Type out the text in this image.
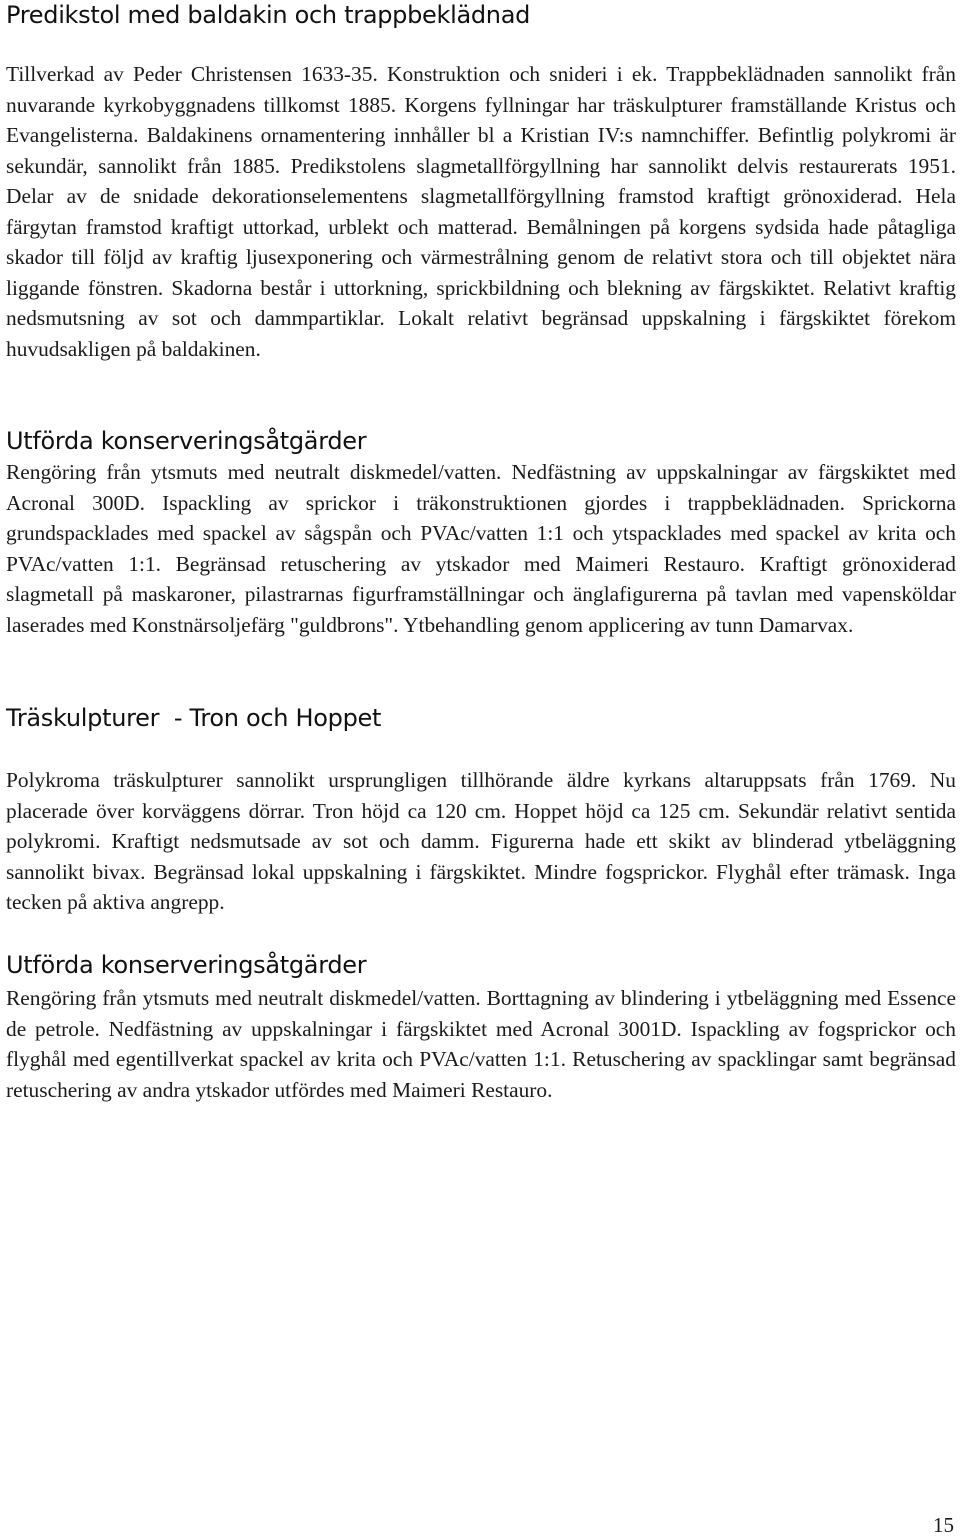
Predikstol med baldakin och trappbeklädnad

Tillverkad av Peder Christensen 1633-35. Konstruktion och snideri i ek. Trappbeklädnaden sannolikt från nuvarande kyrkobyggnadens tillkomst 1885. Korgens fyllningar har träskulpturer framställande Kristus och Evangelisterna. Baldakinens ornamentering innhåller bl a Kristian IV:s namnchiffer. Befintlig polykromi är sekundär, sannolikt från 1885. Predikstolens slagmetallförgyllning har sannolikt delvis restaurerats 1951. Delar av de snidade dekorationselementens slagmetallförgyllning framstod kraftigt grönoxiderad. Hela färgytan framstod kraftigt uttorkad, urblekt och matterad. Bemålningen på korgens sydsida hade påtagliga skador till följd av kraftig ljusexponering och värmestrålning genom de relativt stora och till objektet nära liggande fönstren. Skadorna består i uttorkning, sprickbildning och blekning av färgskiktet. Relativt kraftig nedsmutsning av sot och dammpartiklar. Lokalt relativt begränsad uppskalning i färgskiktet förekom huvudsakligen på baldakinen.

Utförda konserveringsåtgärder

Rengöring från ytsmuts med neutralt diskmedel/vatten. Nedfästning av uppskalningar av färgskiktet med Acronal 300D. Ispackling av sprickor i träkonstruktionen gjordes i trappbeklädnaden. Sprickorna grundspacklades med spackel av sågspån och PVAc/vatten 1:1 och ytspacklades med spackel av krita och PVAc/vatten 1:1. Begränsad retuschering av ytskador med Maimeri Restauro. Kraftigt grönoxiderad slagmetall på maskaroner, pilastrarnas figurframställningar och änglafigurerna på tavlan med vapensköldar laserades med Konstnärsoljefärg "guldbrons". Ytbehandling genom applicering av tunn Damarvax.

Träskulpturer  - Tron och Hoppet

Polykroma träskulpturer sannolikt ursprungligen tillhörande äldre kyrkans altaruppsats från 1769. Nu placerade över korväggens dörrar. Tron höjd ca 120 cm. Hoppet höjd ca 125 cm. Sekundär relativt sentida polykromi. Kraftigt nedsmutsade av sot och damm. Figurerna hade ett skikt av blinderad ytbeläggning sannolikt bivax. Begränsad lokal uppskalning i färgskiktet. Mindre fogsprickor. Flyghål efter trämask. Inga tecken på aktiva angrepp.

Utförda konserveringsåtgärder

Rengöring från ytsmuts med neutralt diskmedel/vatten. Borttagning av blindering i ytbeläggning med Essence de petrole. Nedfästning av uppskalningar i färgskiktet med Acronal 3001D. Ispackling av fogsprickor och flyghål med egentillverkat spackel av krita och PVAc/vatten 1:1. Retuschering av spacklingar samt begränsad retuschering av andra ytskador utfördes med Maimeri Restauro.

15
